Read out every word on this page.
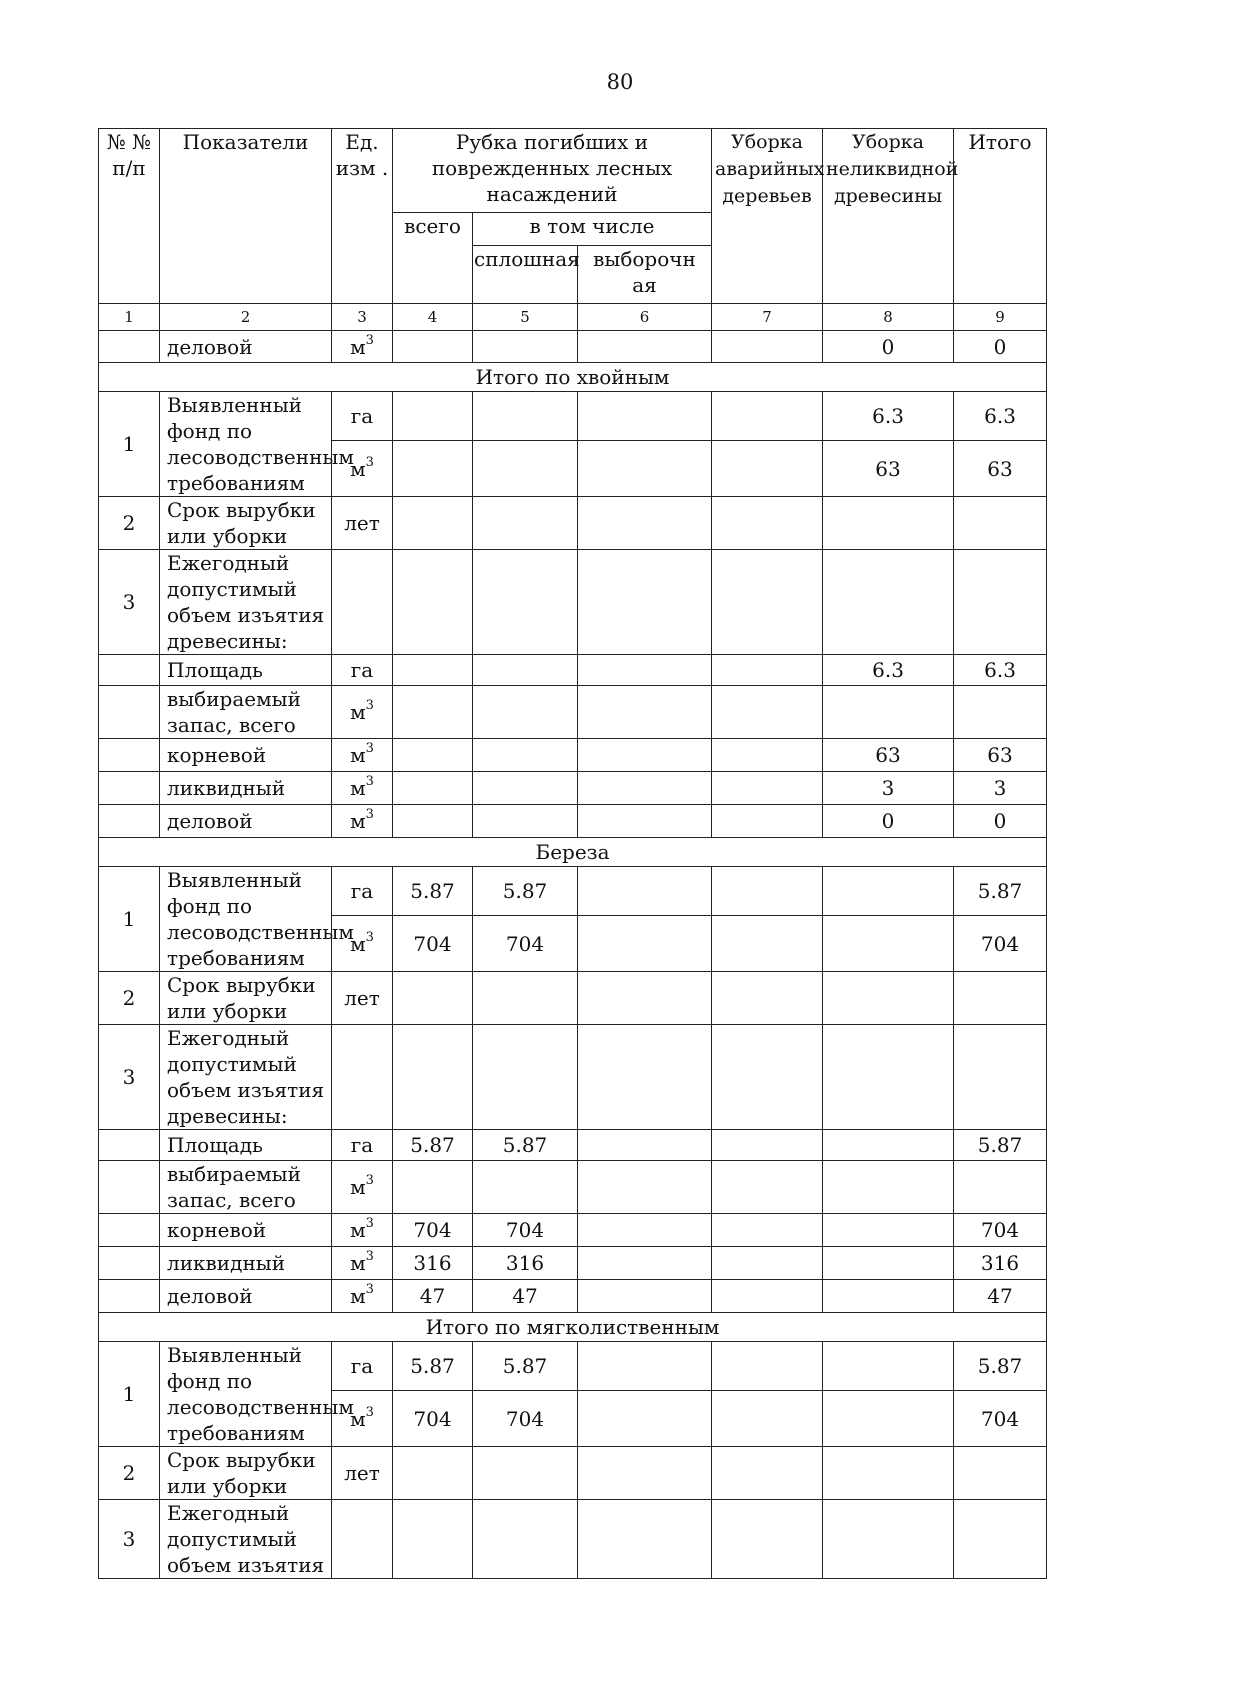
80
№ № п/п	Показатели	Ед. изм .	Рубка погибших и поврежденных лесных насаждений			Уборка аварийных деревьев	Уборка неликвидной древесины	Итого
			всего	в том числе				
				сплошная	выборочн ая			
1	2	3	4	5	6	7	8	9
	деловой	$м^3$					0	0
Итого по хвойным								
1	Выявленный
фонд по
лесоводственным
требованиям	га					6.3	6.3
		$м^3$					63	63
2	Срок вырубки или уборки	лет						
3	Ежегодный допустимый объем изъятия древесины:							
	Площадь	га					6.3	6.3
	выбираемый запас, всего	$м^3$						
	корневой	$м^3$					63	63
	ликвидный	$м^3$					3	3
	деловой	$м^3$					0	0
Береза								
1	Выявленный
фонд по
лесоводственным
требованиям	га	5.87	5.87				5.87
		$м^3$	704	704				704
2	Срок вырубки или уборки	лет						
3	Ежегодный допустимый объем изъятия древесины:							
	Площадь	га	5.87	5.87				5.87
	выбираемый запас, всего	$м^3$						
	корневой	$м^3$	704	704				704
	ликвидный	$м^3$	316	316				316
	деловой	$м^3$	47	47				47
Итого по мягколиственным								
1	Выявленный
фонд по
лесоводственным
требованиям	га	5.87	5.87				5.87
		$м^3$	704	704				704
2	Срок вырубки или уборки	лет						
3	Ежегодный допустимый объем изъятия							
